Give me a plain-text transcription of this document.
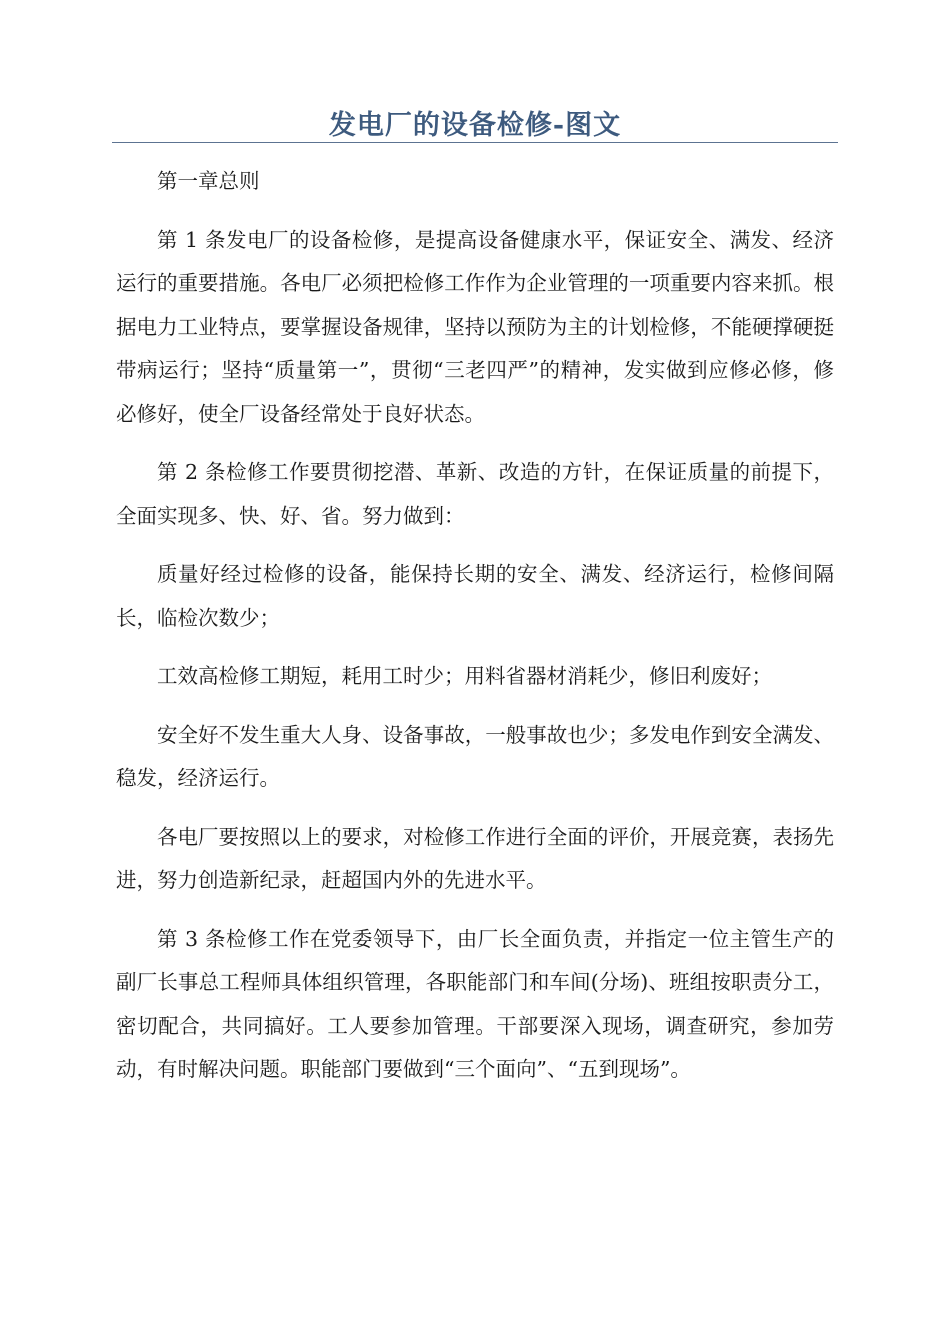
发电厂的设备检修-图文

第一章总则

第 1 条发电厂的设备检修，是提高设备健康水平，保证安全、满发、经济运行的重要措施。各电厂必须把检修工作作为企业管理的一项重要内容来抓。根据电力工业特点，要掌握设备规律，坚持以预防为主的计划检修，不能硬撑硬挺带病运行；坚持“质量第一”，贯彻“三老四严”的精神，发实做到应修必修，修必修好，使全厂设备经常处于良好状态。

第 2 条检修工作要贯彻挖潜、革新、改造的方针，在保证质量的前提下，全面实现多、快、好、省。努力做到：

质量好经过检修的设备，能保持长期的安全、满发、经济运行，检修间隔长，临检次数少；

工效高检修工期短，耗用工时少；用料省器材消耗少，修旧利废好；

安全好不发生重大人身、设备事故，一般事故也少；多发电作到安全满发、稳发，经济运行。

各电厂要按照以上的要求，对检修工作进行全面的评价，开展竞赛，表扬先进，努力创造新纪录，赶超国内外的先进水平。

第 3 条检修工作在党委领导下，由厂长全面负责，并指定一位主管生产的副厂长事总工程师具体组织管理，各职能部门和车间(分场)、班组按职责分工，密切配合，共同搞好。工人要参加管理。干部要深入现场，调查研究，参加劳动，有时解决问题。职能部门要做到“三个面向”、“五到现场”。
